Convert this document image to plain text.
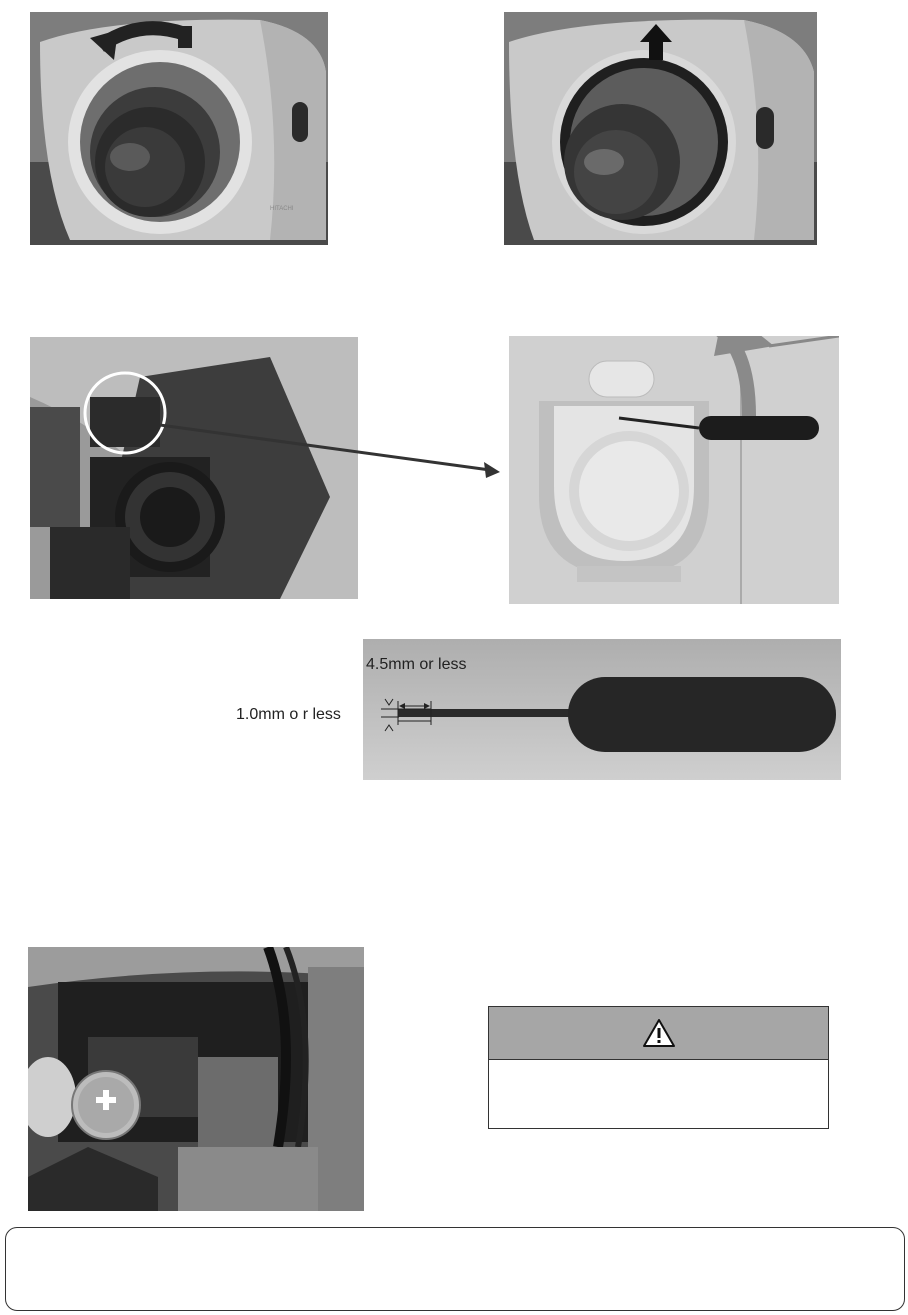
HITACHI
4.5mm or less
1.0mm o r less
